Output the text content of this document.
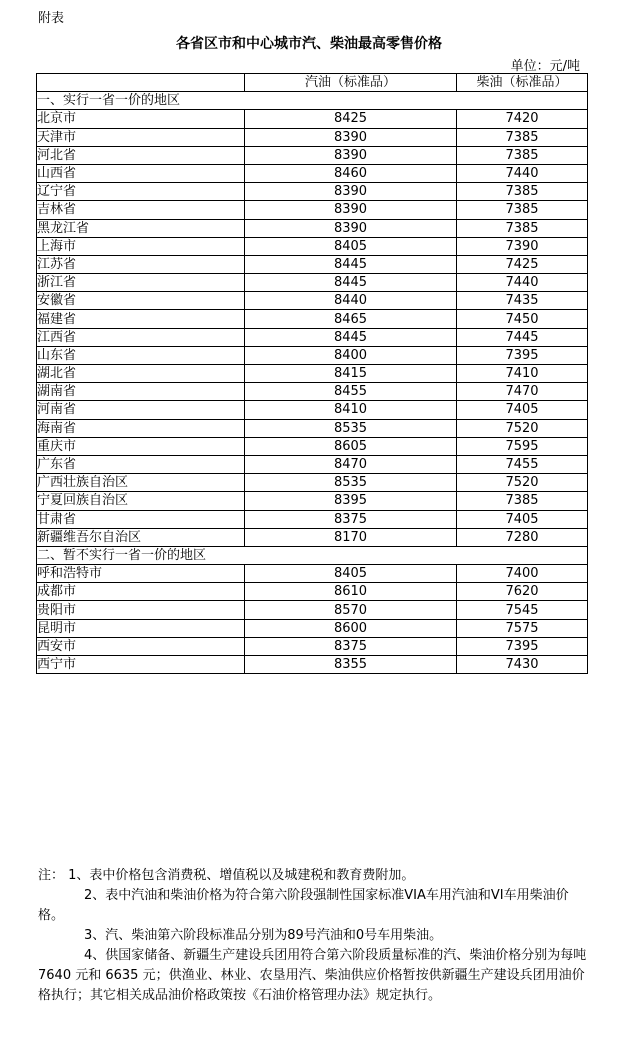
附表
各省区市和中心城市汽、柴油最高零售价格
单位：元/吨
	汽油（标准品）	柴油（标准品）
一、实行一省一价的地区		
北京市	8425	7420
天津市	8390	7385
河北省	8390	7385
山西省	8460	7440
辽宁省	8390	7385
吉林省	8390	7385
黑龙江省	8390	7385
上海市	8405	7390
江苏省	8445	7425
浙江省	8445	7440
安徽省	8440	7435
福建省	8465	7450
江西省	8445	7445
山东省	8400	7395
湖北省	8415	7410
湖南省	8455	7470
河南省	8410	7405
海南省	8535	7520
重庆市	8605	7595
广东省	8470	7455
广西壮族自治区	8535	7520
宁夏回族自治区	8395	7385
甘肃省	8375	7405
新疆维吾尔自治区	8170	7280
二、暂不实行一省一价的地区		
呼和浩特市	8405	7400
成都市	8610	7620
贵阳市	8570	7545
昆明市	8600	7575
西安市	8375	7395
西宁市	8355	7430

注： 1、表中价格包含消费税、增值税以及城建税和教育费附加。

2、表中汽油和柴油价格为符合第六阶段强制性国家标准VIA车用汽油和VI车用柴油价格。

3、汽、柴油第六阶段标准品分别为89号汽油和0号车用柴油。

4、供国家储备、新疆生产建设兵团用符合第六阶段质量标准的汽、柴油价格分别为每吨 7640 元和 6635 元；供渔业、林业、农垦用汽、柴油供应价格暂按供新疆生产建设兵团用油价格执行；其它相关成品油价格政策按《石油价格管理办法》规定执行。
